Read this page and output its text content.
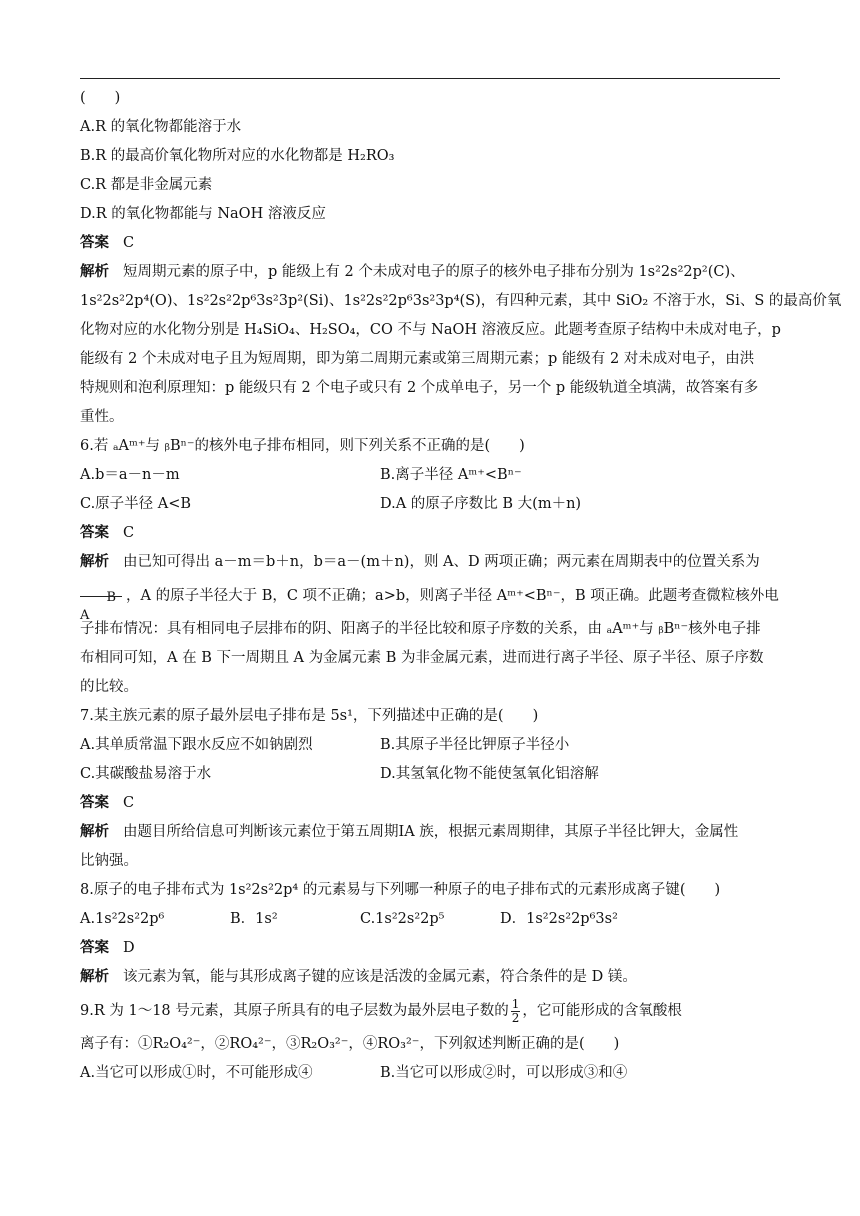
(　　)
A.R 的氧化物都能溶于水
B.R 的最高价氧化物所对应的水化物都是 H₂RO₃
C.R 都是非金属元素
D.R 的氧化物都能与 NaOH 溶液反应
答案 C
解析 短周期元素的原子中，p 能级上有 2 个未成对电子的原子的核外电子排布分别为 1s²2s²2p²(C)、
1s²2s²2p⁴(O)、1s²2s²2p⁶3s²3p²(Si)、1s²2s²2p⁶3s²3p⁴(S)，有四种元素，其中 SiO₂ 不溶于水，Si、S 的最高价氧
化物对应的水化物分别是 H₄SiO₄、H₂SO₄，CO 不与 NaOH 溶液反应。此题考查原子结构中未成对电子，p
能级有 2 个未成对电子且为短周期，即为第二周期元素或第三周期元素；p 能级有 2 对未成对电子，由洪
特规则和泡利原理知：p 能级只有 2 个电子或只有 2 个成单电子，另一个 p 能级轨道全填满，故答案有多
重性。
6.若 ₐAᵐ⁺与 ᵦBⁿ⁻的核外电子排布相同，则下列关系不正确的是(　　)
A.b＝a－n－m	B.离子半径 Aᵐ⁺<Bⁿ⁻
C.原子半径 A<B	D.A 的原子序数比 B 大(m＋n)
答案 C
解析 由已知可得出 a－m＝b＋n，b＝a－(m＋n)，则 A、D 两项正确；两元素在周期表中的位置关系为
B
A
，A 的原子半径大于 B，C 项不正确；a>b，则离子半径 Aᵐ⁺<Bⁿ⁻，B 项正确。此题考查微粒核外电
子排布情况：具有相同电子层排布的阴、阳离子的半径比较和原子序数的关系，由 ₐAᵐ⁺与 ᵦBⁿ⁻核外电子排
布相同可知，A 在 B 下一周期且 A 为金属元素 B 为非金属元素，进而进行离子半径、原子半径、原子序数
的比较。
7.某主族元素的原子最外层电子排布是 5s¹，下列描述中正确的是(　　)
A.其单质常温下跟水反应不如钠剧烈	B.其原子半径比钾原子半径小
C.其碳酸盐易溶于水	D.其氢氧化物不能使氢氧化铝溶解
答案 C
解析 由题目所给信息可判断该元素位于第五周期ⅠA 族，根据元素周期律，其原子半径比钾大，金属性
比钠强。
8.原子的电子排布式为 1s²2s²2p⁴ 的元素易与下列哪一种原子的电子排布式的元素形成离子键(　　)
A.1s²2s²2p⁶	B．1s²	C.1s²2s²2p⁵	D．1s²2s²2p⁶3s²
答案 D
解析 该元素为氧，能与其形成离子键的应该是活泼的金属元素，符合条件的是 D 镁。
9.R 为 1～18 号元素，其原子所具有的电子层数为最外层电子数的 $\frac{1}{2}$ ，它可能形成的含氧酸根
离子有：①R₂O₄²⁻，②RO₄²⁻，③R₂O₃²⁻，④RO₃²⁻，下列叙述判断正确的是(　　)
A.当它可以形成①时，不可能形成④	B.当它可以形成②时，可以形成③和④
